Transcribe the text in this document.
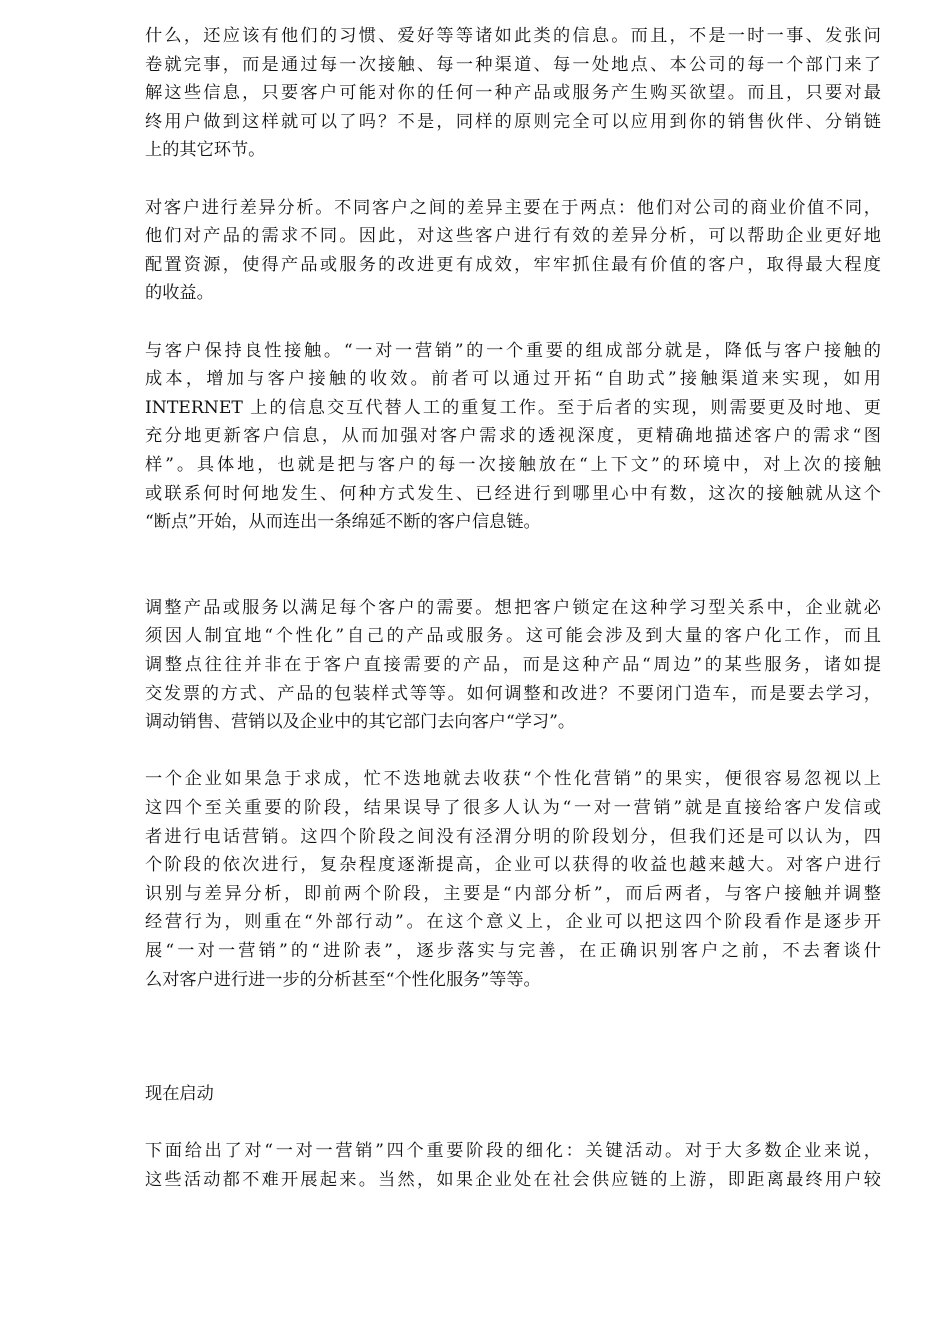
什么，还应该有他们的习惯、爱好等等诸如此类的信息。而且，不是一时一事、发张问
卷就完事，而是通过每一次接触、每一种渠道、每一处地点、本公司的每一个部门来了
解这些信息，只要客户可能对你的任何一种产品或服务产生购买欲望。而且，只要对最
终用户做到这样就可以了吗？不是，同样的原则完全可以应用到你的销售伙伴、分销链
上的其它环节。

对客户进行差异分析。不同客户之间的差异主要在于两点：他们对公司的商业价值不同，
他们对产品的需求不同。因此，对这些客户进行有效的差异分析，可以帮助企业更好地
配置资源，使得产品或服务的改进更有成效，牢牢抓住最有价值的客户，取得最大程度
的收益。

与客户保持良性接触。“一对一营销”的一个重要的组成部分就是，降低与客户接触的
成本，增加与客户接触的收效。前者可以通过开拓“自助式”接触渠道来实现，如用
INTERNET 上的信息交互代替人工的重复工作。至于后者的实现，则需要更及时地、更
充分地更新客户信息，从而加强对客户需求的透视深度，更精确地描述客户的需求“图
样”。具体地，也就是把与客户的每一次接触放在“上下文”的环境中，对上次的接触
或联系何时何地发生、何种方式发生、已经进行到哪里心中有数，这次的接触就从这个
“断点”开始，从而连出一条绵延不断的客户信息链。

调整产品或服务以满足每个客户的需要。想把客户锁定在这种学习型关系中，企业就必
须因人制宜地“个性化”自己的产品或服务。这可能会涉及到大量的客户化工作，而且
调整点往往并非在于客户直接需要的产品，而是这种产品“周边”的某些服务，诸如提
交发票的方式、产品的包装样式等等。如何调整和改进？不要闭门造车，而是要去学习，
调动销售、营销以及企业中的其它部门去向客户“学习”。

一个企业如果急于求成，忙不迭地就去收获“个性化营销”的果实，便很容易忽视以上
这四个至关重要的阶段，结果误导了很多人认为“一对一营销”就是直接给客户发信或
者进行电话营销。这四个阶段之间没有泾渭分明的阶段划分，但我们还是可以认为，四
个阶段的依次进行，复杂程度逐渐提高，企业可以获得的收益也越来越大。对客户进行
识别与差异分析，即前两个阶段，主要是“内部分析”，而后两者，与客户接触并调整
经营行为，则重在“外部行动”。在这个意义上，企业可以把这四个阶段看作是逐步开
展“一对一营销”的“进阶表”，逐步落实与完善，在正确识别客户之前，不去奢谈什
么对客户进行进一步的分析甚至“个性化服务”等等。

现在启动

下面给出了对“一对一营销”四个重要阶段的细化：关键活动。对于大多数企业来说，
这些活动都不难开展起来。当然，如果企业处在社会供应链的上游，即距离最终用户较
